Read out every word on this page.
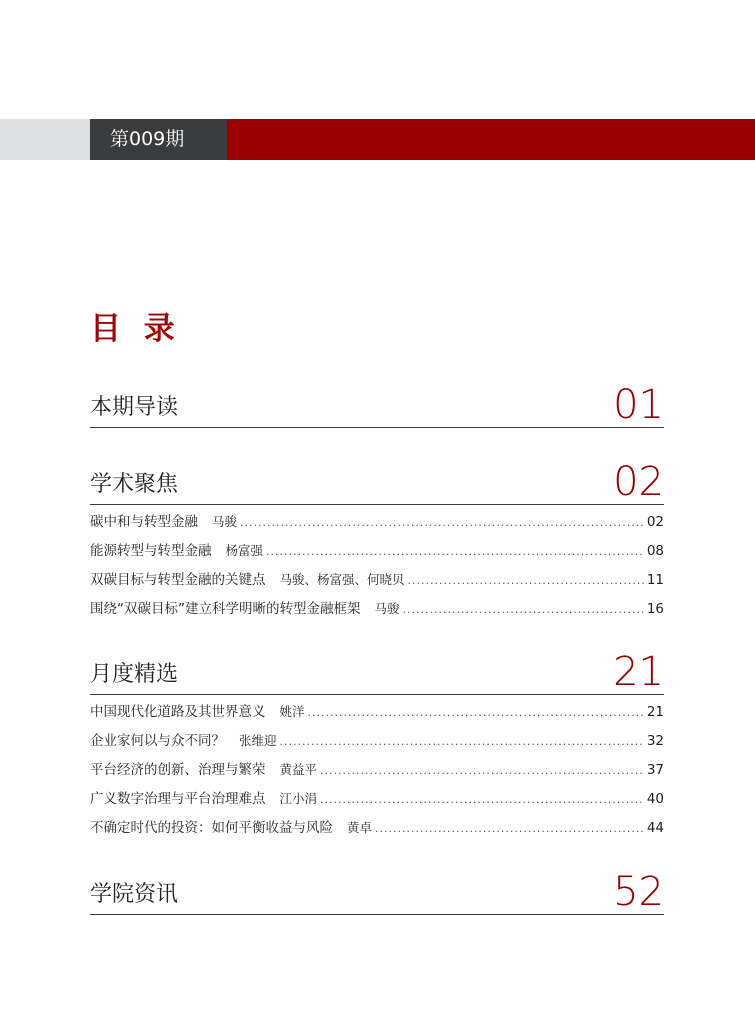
第009期
目 录
本期导读	01
学术聚焦	02
碳中和与转型金融 马骏 .....	02
能源转型与转型金融 杨富强 .....	08
双碳目标与转型金融的关键点 马骏、杨富强、何晓贝 .....	11
围绕“双碳目标”建立科学明晰的转型金融框架 马骏 .....	16
月度精选	21
中国现代化道路及其世界意义 姚洋 .....	21
企业家何以与众不同？ 张维迎 .....	32
平台经济的创新、治理与繁荣 黄益平 .....	37
广义数字治理与平台治理难点 江小涓 .....	40
不确定时代的投资：如何平衡收益与风险 黄卓 .....	44
学院资讯	52
